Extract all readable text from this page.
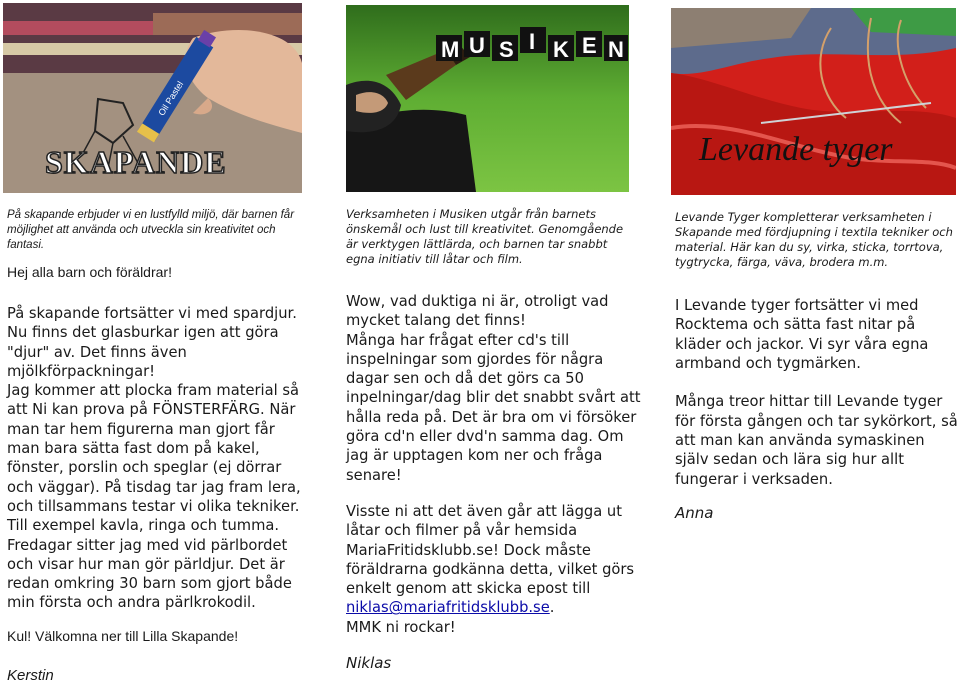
Oil Pastel
SKAPANDE
På skapande erbjuder vi en lustfylld miljö, där barnen får möjlighet att använda och utveckla sin kreativitet och fantasi.
Hej alla barn och föräldrar!
På skapande fortsätter vi med spardjur. Nu finns det glasburkar igen att göra "djur" av. Det finns även mjölkförpackningar!
Jag kommer att plocka fram material så att Ni kan prova på FÖNSTERFÄRG. När man tar hem figurerna man gjort får man bara sätta fast dom på kakel, fönster, porslin och speglar (ej dörrar och väggar). På tisdag tar jag fram lera, och tillsammans testar vi olika tekniker. Till exempel kavla, ringa och tumma. Fredagar sitter jag med vid pärlbordet och visar hur man gör pärldjur. Det är redan omkring 30 barn som gjort både min första och andra pärlkrokodil.
Kul! Välkomna ner till Lilla Skapande!
Kerstin
M U S I K E N
Verksamheten i Musiken utgår från barnets önskemål och lust till kreativitet. Genomgående är verktygen lättlärda, och barnen tar snabbt egna initiativ till låtar och film.
Wow, vad duktiga ni är, otroligt vad mycket talang det finns!
Många har frågat efter cd's till inspelningar som gjordes för några dagar sen och då det görs ca 50 inpelningar/dag blir det snabbt svårt att hålla reda på. Det är bra om vi försöker göra cd'n eller dvd'n samma dag. Om jag är upptagen kom ner och fråga senare!
Visste ni att det även går att lägga ut låtar och filmer på vår hemsida MariaFritidsklubb.se! Dock måste föräldrarna godkänna detta, vilket görs enkelt genom att skicka epost till niklas@mariafritidsklubb.se.
MMK ni rockar!
Niklas
Levande tyger
Levande Tyger kompletterar verksamheten i Skapande med fördjupning i textila tekniker och material. Här kan du sy, virka, sticka, torrtova, tygtrycka, färga, väva, brodera m.m.
I Levande tyger fortsätter vi med Rocktema och sätta fast nitar på kläder och jackor. Vi syr våra egna armband och tygmärken.

Många treor hittar till Levande tyger för första gången och tar sykörkort, så att man kan använda symaskinen själv sedan och lära sig hur allt fungerar i verksaden.
Anna
